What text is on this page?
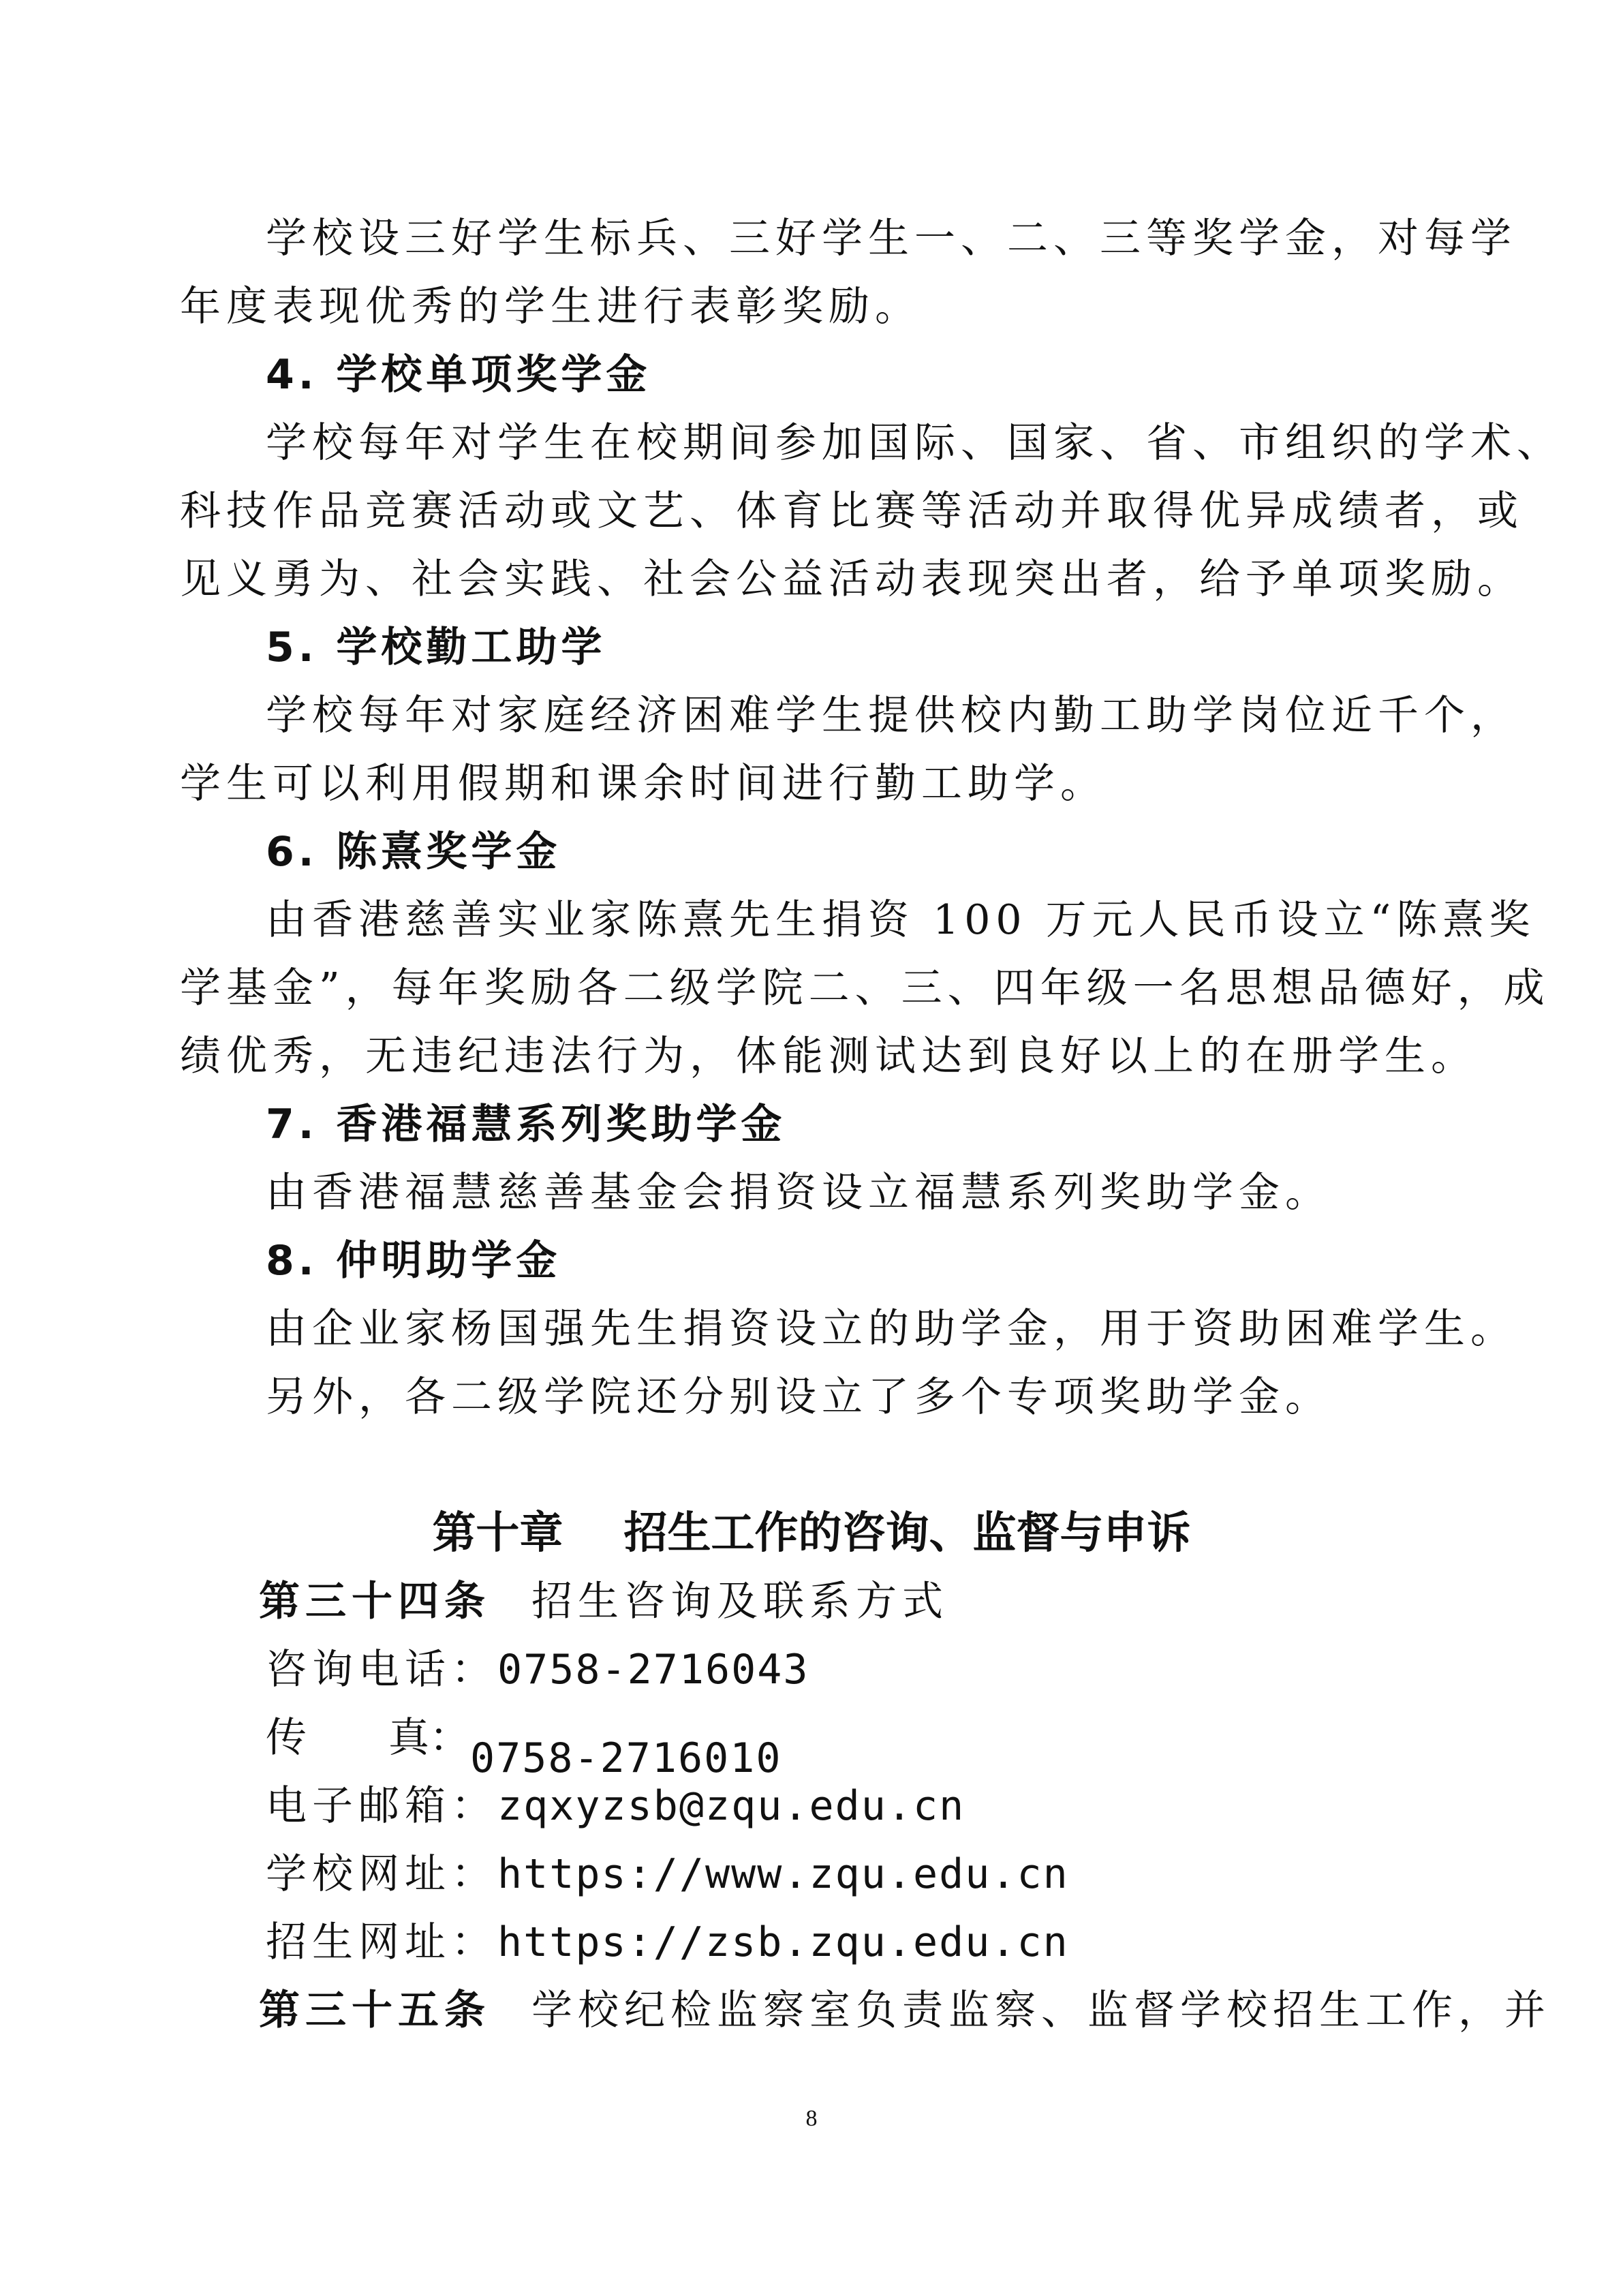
学校设三好学生标兵、三好学生一、二、三等奖学金，对每学
年度表现优秀的学生进行表彰奖励。
4. 学校单项奖学金
学校每年对学生在校期间参加国际、国家、省、市组织的学术、
科技作品竞赛活动或文艺、体育比赛等活动并取得优异成绩者，或
见义勇为、社会实践、社会公益活动表现突出者，给予单项奖励。
5. 学校勤工助学
学校每年对家庭经济困难学生提供校内勤工助学岗位近千个，
学生可以利用假期和课余时间进行勤工助学。
6. 陈熹奖学金
由香港慈善实业家陈熹先生捐资 100 万元人民币设立“陈熹奖
学基金”，每年奖励各二级学院二、三、四年级一名思想品德好，成
绩优秀，无违纪违法行为，体能测试达到良好以上的在册学生。
7. 香港福慧系列奖助学金
由香港福慧慈善基金会捐资设立福慧系列奖助学金。
8. 仲明助学金
由企业家杨国强先生捐资设立的助学金，用于资助困难学生。
另外，各二级学院还分别设立了多个专项奖助学金。
第十章    招生工作的咨询、监督与申诉
第三十四条 招生咨询及联系方式
咨询电话：0758-2716043
传 真： 0758-2716010
电子邮箱：zqxyzsb@zqu.edu.cn
学校网址：https://www.zqu.edu.cn
招生网址：https://zsb.zqu.edu.cn
第三十五条 学校纪检监察室负责监察、监督学校招生工作，并
8
